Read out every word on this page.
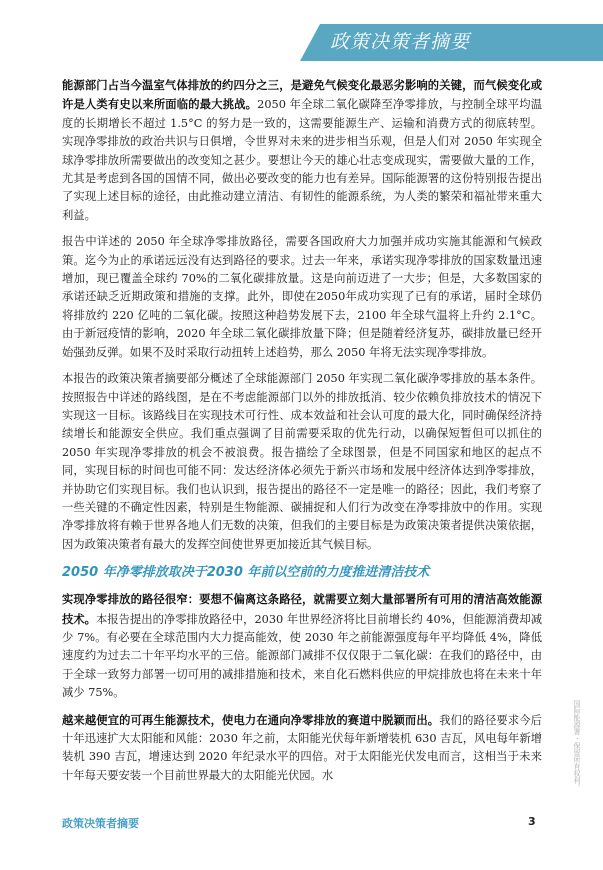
政策决策者摘要

能源部门占当今温室气体排放的约四分之三，是避免气候变化最恶劣影响的关键，而气候变化或许是人类有史以来所面临的最大挑战。2050 年全球二氧化碳降至净零排放，与控制全球平均温度的长期增长不超过 1.5°C 的努力是一致的，这需要能源生产、运输和消费方式的彻底转型。实现净零排放的政治共识与日俱增，令世界对未来的进步相当乐观，但是人们对 2050 年实现全球净零排放所需要做出的改变知之甚少。要想让今天的雄心壮志变成现实，需要做大量的工作，尤其是考虑到各国的国情不同，做出必要改变的能力也有差异。国际能源署的这份特别报告提出了实现上述目标的途径，由此推动建立清洁、有韧性的能源系统，为人类的繁荣和福祉带来重大利益。

报告中详述的 2050 年全球净零排放路径，需要各国政府大力加强并成功实施其能源和气候政策。迄今为止的承诺远远没有达到路径的要求。过去一年来，承诺实现净零排放的国家数量迅速增加，现已覆盖全球约 70%的二氧化碳排放量。这是向前迈进了一大步；但是，大多数国家的承诺还缺乏近期政策和措施的支撑。此外，即使在2050年成功实现了已有的承诺，届时全球仍将排放约 220 亿吨的二氧化碳。按照这种趋势发展下去，2100 年全球气温将上升约 2.1°C。由于新冠疫情的影响，2020 年全球二氧化碳排放量下降；但是随着经济复苏，碳排放量已经开始强劲反弹。如果不及时采取行动扭转上述趋势，那么 2050 年将无法实现净零排放。

本报告的政策决策者摘要部分概述了全球能源部门 2050 年实现二氧化碳净零排放的基本条件。按照报告中详述的路线图，是在不考虑能源部门以外的排放抵消、较少依赖负排放技术的情况下实现这一目标。该路线目在实现技术可行性、成本效益和社会认可度的最大化，同时确保经济持续增长和能源安全供应。我们重点强调了目前需要采取的优先行动，以确保短暂但可以抓住的 2050 年实现净零排放的机会不被浪费。报告描绘了全球图景，但是不同国家和地区的起点不同，实现目标的时间也可能不同：发达经济体必须先于新兴市场和发展中经济体达到净零排放，并协助它们实现目标。我们也认识到，报告提出的路径不一定是唯一的路径；因此，我们考察了一些关键的不确定性因素，特别是生物能源、碳捕捉和人们行为改变在净零排放中的作用。实现净零排放将有赖于世界各地人们无数的决策，但我们的主要目标是为政策决策者提供决策依据，因为政策决策者有最大的发挥空间使世界更加接近其气候目标。

2050 年净零排放取决于2030 年前以空前的力度推进清洁技术

实现净零排放的路径很窄：要想不偏离这条路径，就需要立刻大量部署所有可用的清洁高效能源技术。本报告提出的净零排放路径中，2030 年世界经济将比目前增长约 40%，但能源消费却减少 7%。有必要在全球范围内大力提高能效，使 2030 年之前能源强度每年平均降低 4%，降低速度约为过去二十年平均水平的三倍。能源部门减排不仅仅限于二氧化碳：在我们的路径中，由于全球一致努力部署一切可用的减排措施和技术，来自化石燃料供应的甲烷排放也将在未来十年减少 75%。

越来越便宜的可再生能源技术，使电力在通向净零排放的赛道中脱颖而出。我们的路径要求今后十年迅速扩大太阳能和风能：2030 年之前，太阳能光伏每年新增装机 630 吉瓦，风电每年新增装机 390 吉瓦，增速达到 2020 年纪录水平的四倍。对于太阳能光伏发电而言，这相当于未来十年每天要安装一个目前世界最大的太阳能光伏园。水

政策决策者摘要	3
国际能源署 · 保留所有权利。
